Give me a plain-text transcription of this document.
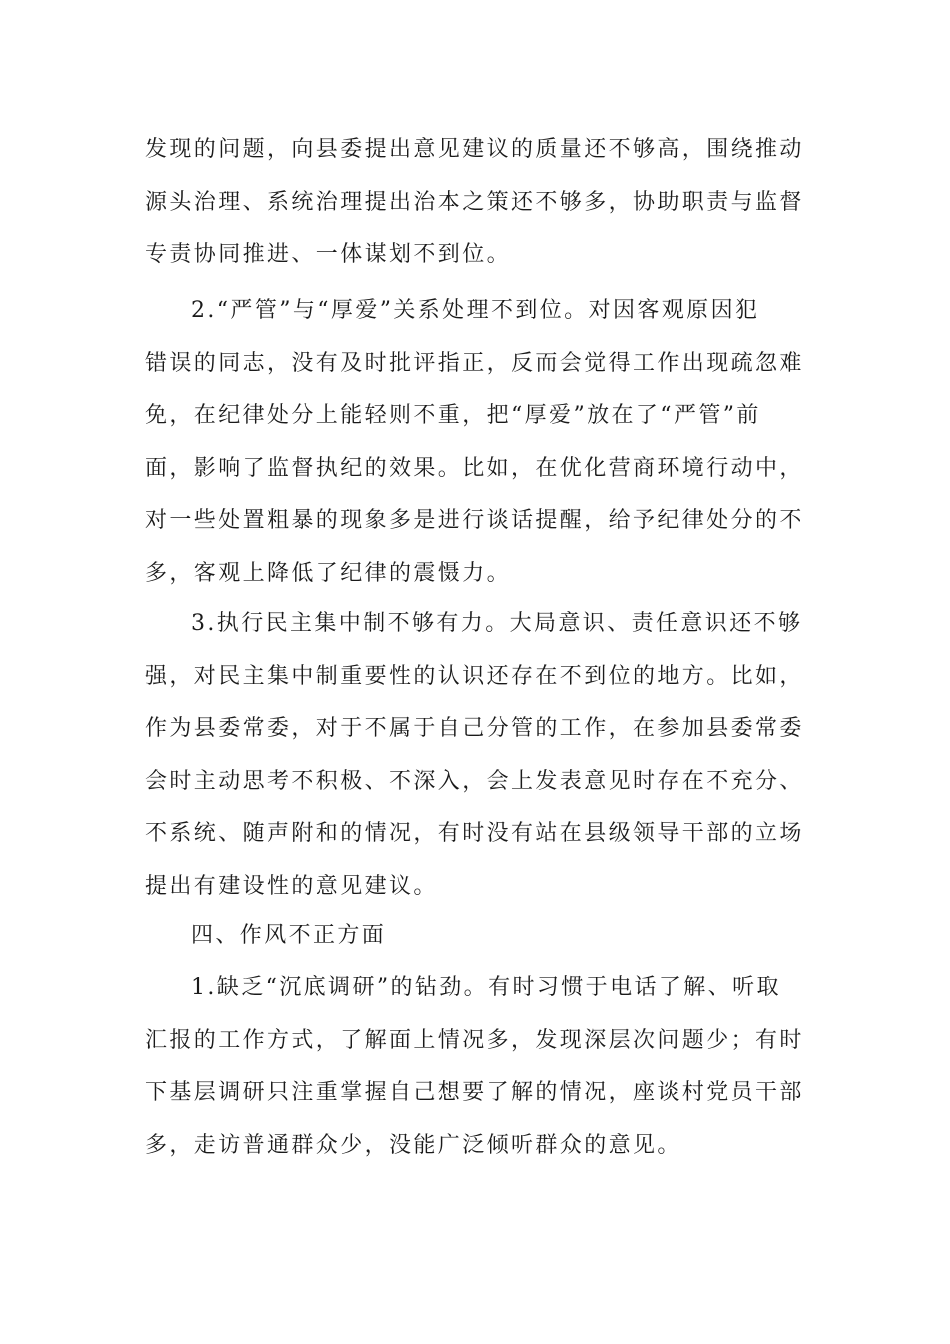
发现的问题，向县委提出意见建议的质量还不够高，围绕推动
源头治理、系统治理提出治本之策还不够多，协助职责与监督
专责协同推进、一体谋划不到位。
2.“严管”与“厚爱”关系处理不到位。对因客观原因犯
错误的同志，没有及时批评指正，反而会觉得工作出现疏忽难
免，在纪律处分上能轻则不重，把“厚爱”放在了“严管”前
面，影响了监督执纪的效果。比如，在优化营商环境行动中，
对一些处置粗暴的现象多是进行谈话提醒，给予纪律处分的不
多，客观上降低了纪律的震慑力。
3.执行民主集中制不够有力。大局意识、责任意识还不够
强，对民主集中制重要性的认识还存在不到位的地方。比如，
作为县委常委，对于不属于自己分管的工作，在参加县委常委
会时主动思考不积极、不深入，会上发表意见时存在不充分、
不系统、随声附和的情况，有时没有站在县级领导干部的立场
提出有建设性的意见建议。
四、作风不正方面
1.缺乏“沉底调研”的钻劲。有时习惯于电话了解、听取
汇报的工作方式，了解面上情况多，发现深层次问题少；有时
下基层调研只注重掌握自己想要了解的情况，座谈村党员干部
多，走访普通群众少，没能广泛倾听群众的意见。
